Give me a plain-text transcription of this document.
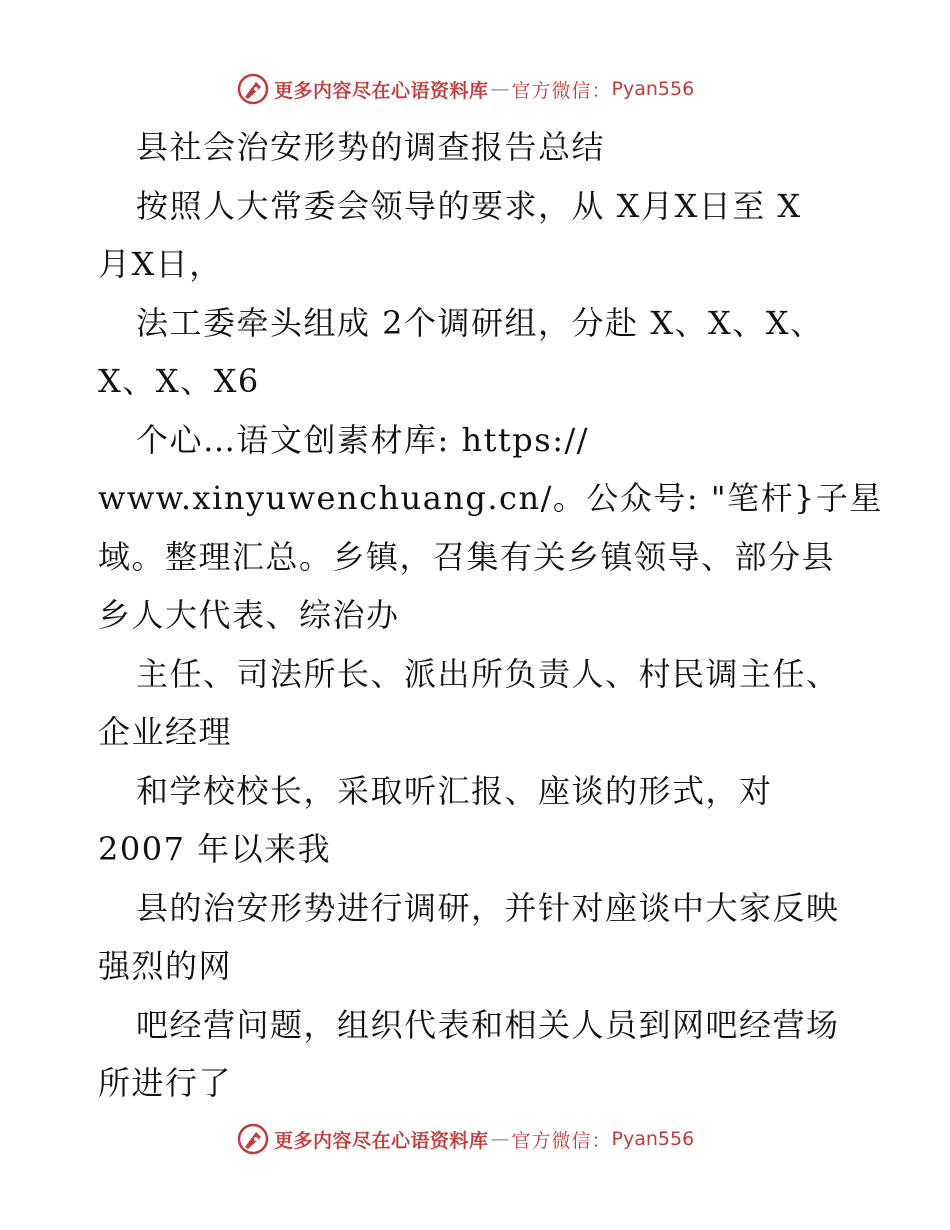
更多内容尽在心语资料库 — 官方微信： Pyan556
县社会治安形势的调查报告总结
按照人大常委会领导的要求，从 X月X日至 X
月X日，
法工委牵头组成 2个调研组，分赴 X、X、X、
X、X、X6
个心…语文创素材库: https://
www.xinyuwenchuang.cn/。公众号: "笔杆}子星
域。整理汇总。乡镇，召集有关乡镇领导、部分县
乡人大代表、综治办
主任、司法所长、派出所负责人、村民调主任、
企业经理
和学校校长，采取听汇报、座谈的形式，对
2007 年以来我
县的治安形势进行调研，并针对座谈中大家反映
强烈的网
吧经营问题，组织代表和相关人员到网吧经营场
所进行了
更多内容尽在心语资料库 — 官方微信： Pyan556
